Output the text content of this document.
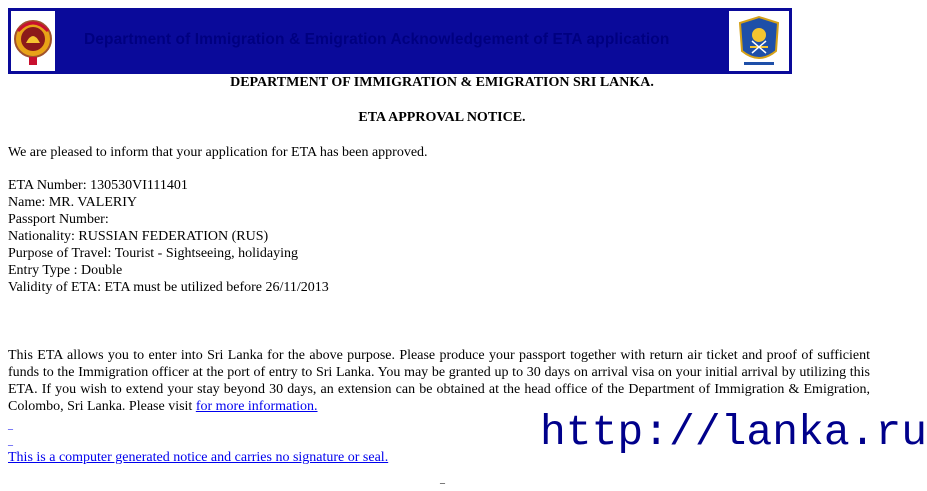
Department of Immigration & Emigration Acknowledgement of ETA application
DEPARTMENT OF IMMIGRATION & EMIGRATION SRI LANKA.
ETA APPROVAL NOTICE.
We are pleased to inform that your application for ETA has been approved.
ETA Number: 130530VI111401
Name: MR. VALERIY
Passport Number:
Nationality: RUSSIAN FEDERATION (RUS)
Purpose of Travel: Tourist - Sightseeing, holidaying
Entry Type : Double
Validity of ETA: ETA must be utilized before 26/11/2013
This ETA allows you to enter into Sri Lanka for the above purpose. Please produce your passport together with return air ticket and proof of sufficient funds to the Immigration officer at the port of entry to Sri Lanka. You may be granted up to 30 days on arrival visa on your initial arrival by utilizing this ETA. If you wish to extend your stay beyond 30 days, an extension can be obtained at the head office of the Department of Immigration & Emigration, Colombo, Sri Lanka. Please visit for more information.
_
_
This is a computer generated notice and carries no signature or seal.
_
http://lanka.ru
